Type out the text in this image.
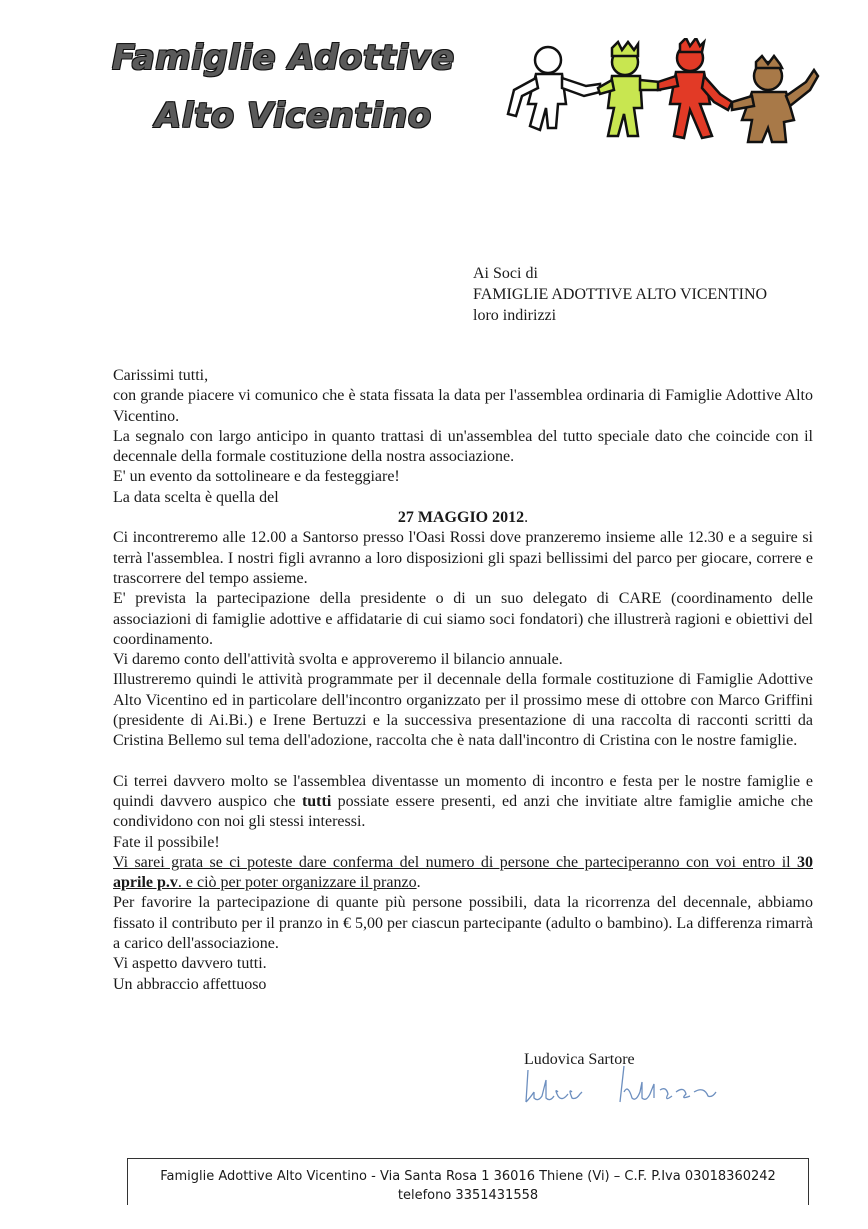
Famiglie Adottive
Alto Vicentino
Ai Soci di
FAMIGLIE ADOTTIVE ALTO VICENTINO
loro indirizzi

Carissimi tutti,

con grande piacere vi comunico che è stata fissata la data per l'assemblea ordinaria di Famiglie Adottive Alto Vicentino.

La segnalo con largo anticipo in quanto trattasi di un'assemblea del tutto speciale dato che coincide con il decennale della formale costituzione della nostra associazione.

E' un evento da sottolineare e da festeggiare!

La data scelta è quella del

27 MAGGIO 2012.

Ci incontreremo alle 12.00 a Santorso presso l'Oasi Rossi dove pranzeremo insieme alle 12.30 e a seguire si terrà l'assemblea. I nostri figli avranno a loro disposizioni gli spazi bellissimi del parco per giocare, correre e trascorrere del tempo assieme.

E' prevista la partecipazione della presidente o di un suo delegato di CARE (coordinamento delle associazioni di famiglie adottive e affidatarie di cui siamo soci fondatori) che illustrerà ragioni e obiettivi del coordinamento.

Vi daremo conto dell'attività svolta e approveremo il bilancio annuale.

Illustreremo quindi le attività programmate per il decennale della formale costituzione di Famiglie Adottive Alto Vicentino ed in particolare dell'incontro organizzato per il prossimo mese di ottobre con Marco Griffini (presidente di Ai.Bi.) e Irene Bertuzzi e la successiva presentazione di una raccolta di racconti scritti da Cristina Bellemo sul tema dell'adozione, raccolta che è nata dall'incontro di Cristina con le nostre famiglie.

Ci terrei davvero molto se l'assemblea diventasse un momento di incontro e festa per le nostre famiglie e quindi davvero auspico che tutti possiate essere presenti, ed anzi che invitiate altre famiglie amiche che condividono con noi gli stessi interessi.

Fate il possibile!

Vi sarei grata se ci poteste dare conferma del numero di persone che parteciperanno con voi entro il 30 aprile p.v. e ciò per poter organizzare il pranzo.

Per favorire la partecipazione di quante più persone possibili, data la ricorrenza del decennale, abbiamo fissato il contributo per il pranzo in € 5,00 per ciascun partecipante (adulto o bambino). La differenza rimarrà a carico dell'associazione.

Vi aspetto davvero tutti.

Un abbraccio affettuoso

Ludovica Sartore
Famiglie Adottive Alto Vicentino - Via Santa Rosa 1 36016 Thiene (Vi) – C.F. P.Iva 03018360242
telefono 3351431558
